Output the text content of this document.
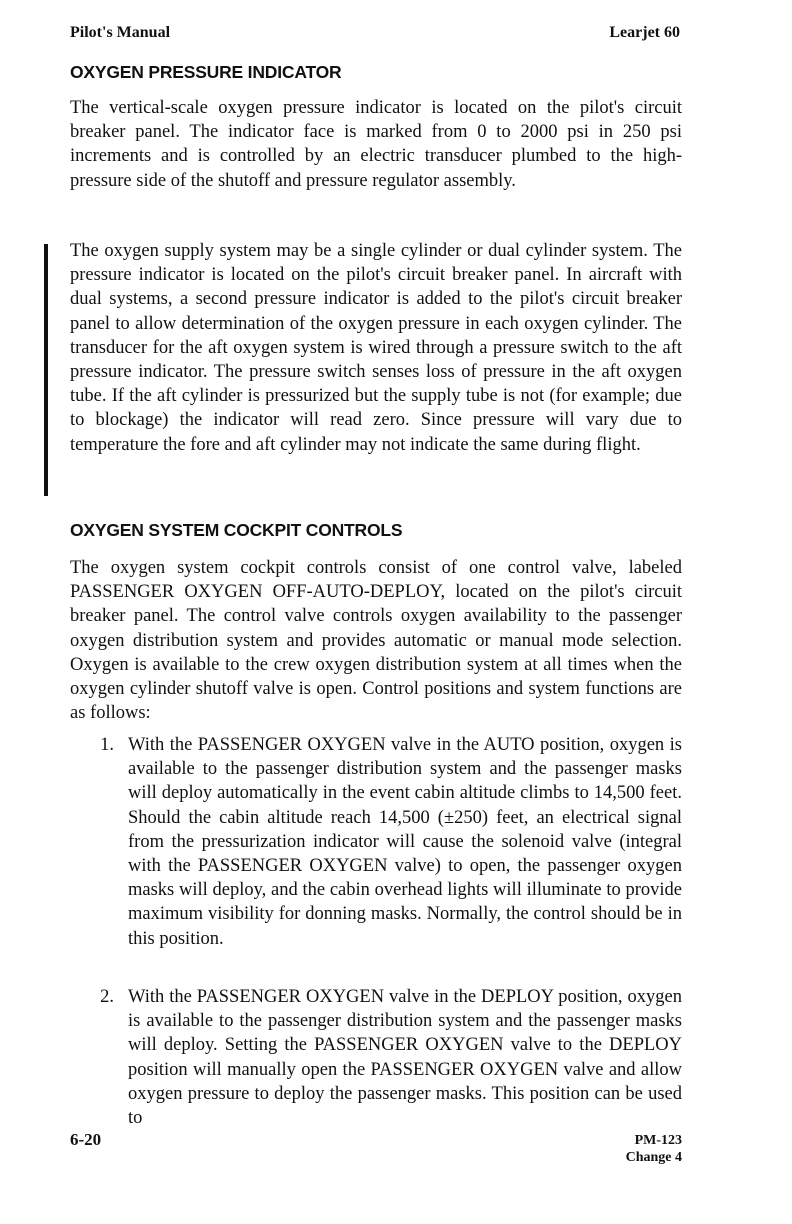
Pilot's Manual	Learjet 60
OXYGEN PRESSURE INDICATOR

The vertical-scale oxygen pressure indicator is located on the pilot's circuit breaker panel. The indicator face is marked from 0 to 2000 psi in 250 psi increments and is controlled by an electric transducer plumbed to the high-pressure side of the shutoff and pressure regulator assembly.

The oxygen supply system may be a single cylinder or dual cylinder system. The pressure indicator is located on the pilot's circuit breaker panel. In aircraft with dual systems, a second pressure indicator is added to the pilot's circuit breaker panel to allow determination of the oxygen pressure in each oxygen cylinder. The transducer for the aft oxygen system is wired through a pressure switch to the aft pressure indicator. The pressure switch senses loss of pressure in the aft oxygen tube. If the aft cylinder is pressurized but the supply tube is not (for example; due to blockage) the indicator will read zero. Since pressure will vary due to temperature the fore and aft cylinder may not indicate the same during flight.

OXYGEN SYSTEM COCKPIT CONTROLS

The oxygen system cockpit controls consist of one control valve, labeled PASSENGER OXYGEN OFF-AUTO-DEPLOY, located on the pilot's circuit breaker panel. The control valve controls oxygen availability to the passenger oxygen distribution system and provides automatic or manual mode selection. Oxygen is available to the crew oxygen distribution system at all times when the oxygen cylinder shutoff valve is open. Control positions and system functions are as follows:

1. With the PASSENGER OXYGEN valve in the AUTO position, oxygen is available to the passenger distribution system and the passenger masks will deploy automatically in the event cabin altitude climbs to 14,500 feet. Should the cabin altitude reach 14,500 (±250) feet, an electrical signal from the pressurization indicator will cause the solenoid valve (integral with the PASSENGER OXYGEN valve) to open, the passenger oxygen masks will deploy, and the cabin overhead lights will illuminate to provide maximum visibility for donning masks. Normally, the control should be in this position.

2. With the PASSENGER OXYGEN valve in the DEPLOY position, oxygen is available to the passenger distribution system and the passenger masks will deploy. Setting the PASSENGER OXYGEN valve to the DEPLOY position will manually open the PASSENGER OXYGEN valve and allow oxygen pressure to deploy the passenger masks. This position can be used to

6-20	PM-123
Change 4
